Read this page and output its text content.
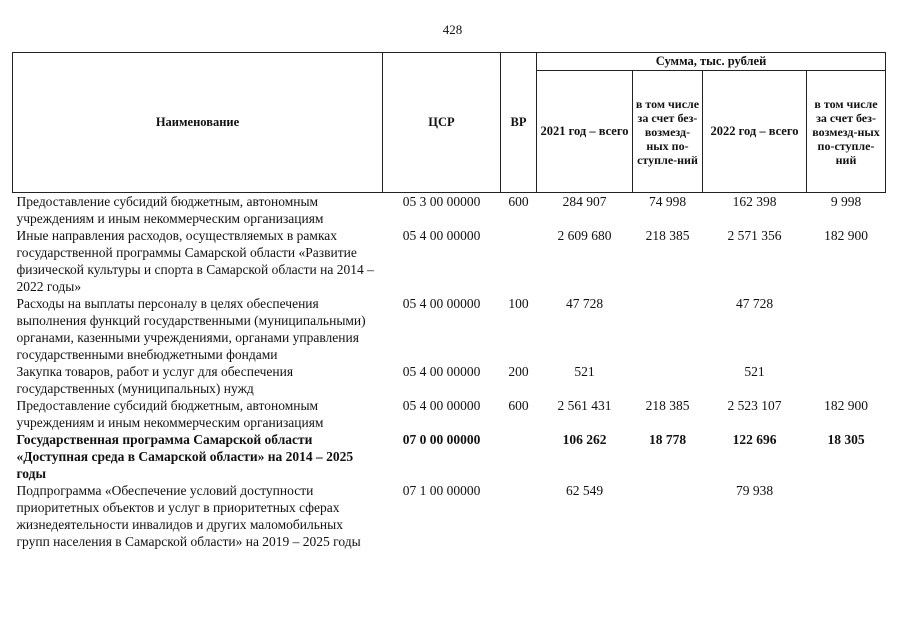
428
Наименование	ЦСР	ВР	Сумма, тыс. рублей			
			2021 год – всего	в том числе за счет без-возмезд-ных по-ступле-ний	2022 год – всего	в том числе за счет без-возмезд-ных по-ступле-ний
Предоставление субсидий бюджетным, автономным учреждениям и иным некоммерческим организациям	05 3 00 00000	600	284 907	74 998	162 398	9 998
Иные направления расходов, осуществляемых в рамках государственной программы Самарской области «Развитие физической культуры и спорта в Самарской области на 2014 – 2022 годы»	05 4 00 00000		2 609 680	218 385	2 571 356	182 900
Расходы на выплаты персоналу в целях обеспечения выполнения функций государственными (муниципальными) органами, казенными учреждениями, органами управления государственными внебюджетными фондами	05 4 00 00000	100	47 728		47 728	
Закупка товаров, работ и услуг для обеспечения государственных (муниципальных) нужд	05 4 00 00000	200	521		521	
Предоставление субсидий бюджетным, автономным учреждениям и иным некоммерческим организациям	05 4 00 00000	600	2 561 431	218 385	2 523 107	182 900
Государственная программа Самарской области «Доступная среда в Самарской области» на 2014 – 2025 годы	07 0 00 00000		106 262	18 778	122 696	18 305
Подпрограмма «Обеспечение условий доступности приоритетных объектов и услуг в приоритетных сферах жизнедеятельности инвалидов и других маломобильных групп населения в Самарской области» на 2019 – 2025 годы	07 1 00 00000		62 549		79 938	
